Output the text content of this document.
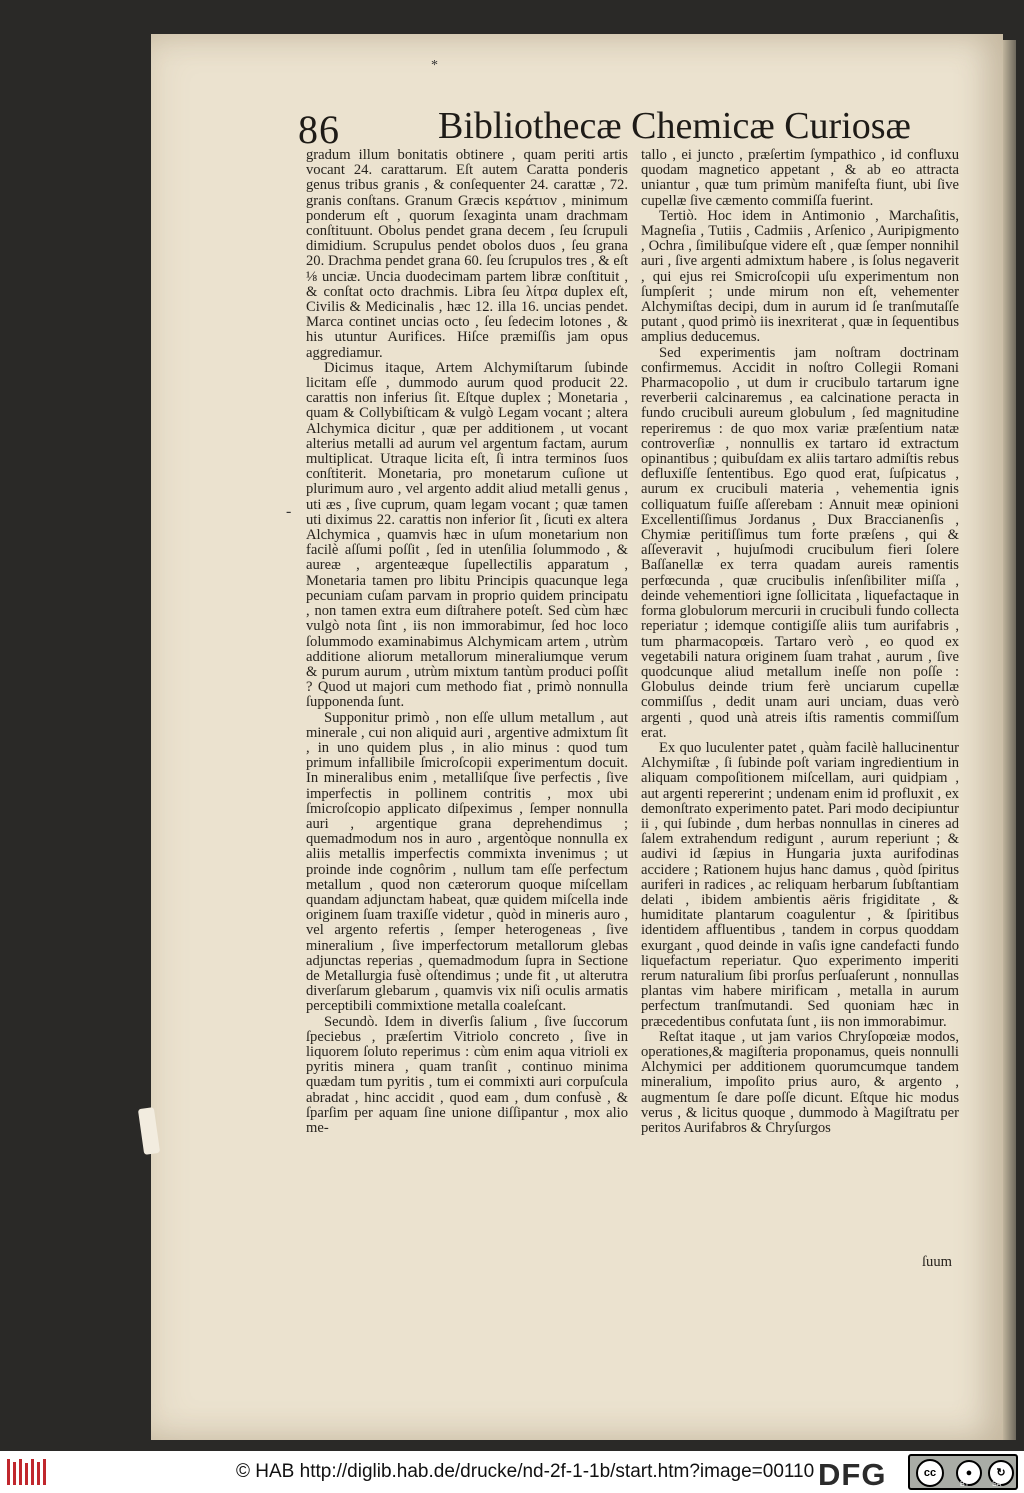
*
86	Bibliothecæ Chemicæ Curiosæ
-

gradum illum bonitatis obtinere , quam periti artis vocant 24. carattarum. Eſt autem Caratta ponderis genus tribus granis , & conſequenter 24. carattæ , 72. granis conſtans. Granum Græcis κεράτιον , minimum ponderum eſt , quorum ſexaginta unam drachmam conſtituunt. Obolus pendet grana decem , ſeu ſcrupuli dimidium. Scrupulus pendet obolos duos , ſeu grana 20. Drachma pendet grana 60. ſeu ſcrupulos tres , & eſt ⅛ unciæ. Uncia duodecimam partem libræ conſtituit , & conſtat octo drachmis. Libra ſeu λίτρα duplex eſt, Civilis & Medicinalis , hæc 12. illa 16. uncias pendet. Marca continet uncias octo , ſeu ſedecim lotones , & his utuntur Aurifices. Hiſce præmiſſis jam opus aggrediamur.

Dicimus itaque, Artem Alchymiſtarum ſubinde licitam eſſe , dummodo aurum quod producit 22. carattis non inferius ſit. Eſtque duplex ; Monetaria , quam & Collybiſticam & vulgò Legam vocant ; altera Alchymica dicitur , quæ per additionem , ut vocant alterius metalli ad aurum vel argentum factam, aurum multiplicat. Utraque licita eſt, ſi intra terminos ſuos conſtiterit. Monetaria, pro monetarum cuſione ut plurimum auro , vel argento addit aliud metalli genus , uti æs , ſive cuprum, quam legam vocant ; quæ tamen uti diximus 22. carattis non inferior ſit , ſicuti ex altera Alchymica , quamvis hæc in uſum monetarium non facilè aſſumi poſſit , ſed in utenſilia ſolummodo , & aureæ , argenteæque ſupellectilis apparatum , Monetaria tamen pro libitu Principis quacunque lega pecuniam cuſam parvam in proprio quidem principatu , non tamen extra eum diſtrahere poteſt. Sed cùm hæc vulgò nota ſint , iis non immorabimur, ſed hoc loco ſolummodo examinabimus Alchymicam artem , utrùm additione aliorum metallorum mineraliumque verum & purum aurum , utrùm mixtum tantùm produci poſſit ? Quod ut majori cum methodo fiat , primò nonnulla ſupponenda ſunt.

Supponitur primò , non eſſe ullum metallum , aut minerale , cui non aliquid auri , argentive admixtum ſit , in uno quidem plus , in alio minus : quod tum primum infallibile ſmicroſcopii experimentum docuit. In mineralibus enim , metalliſque ſive perfectis , ſive imperfectis in pollinem contritis , mox ubi ſmicroſcopio applicato diſpeximus , ſemper nonnulla auri , argentique grana deprehendimus ; quemadmodum nos in auro , argentòque nonnulla ex aliis metallis imperfectis commixta invenimus ; ut proinde inde cognôrim , nullum tam eſſe perfectum metallum , quod non cæterorum quoque miſcellam quandam adjunctam habeat, quæ quidem miſcella inde originem ſuam traxiſſe videtur , quòd in mineris auro , vel argento refertis , ſemper heterogeneas , ſive mineralium , ſive imperfectorum metallorum glebas adjunctas reperias , quemadmodum ſupra in Sectione de Metallurgia fusè oſtendimus ; unde fit , ut alterutra diverſarum glebarum , quamvis vix niſi oculis armatis perceptibili commixtione metalla coaleſcant.

Secundò. Idem in diverſis ſalium , ſive ſuccorum ſpeciebus , præſertim Vitriolo concreto , ſive in liquorem ſoluto reperimus : cùm enim aqua vitrioli ex pyritis minera , quam tranſit , continuo minima quædam tum pyritis , tum ei commixti auri corpuſcula abradat , hinc accidit , quod eam , dum confusè , & ſparſim per aquam ſine unione diſſipantur , mox alio me-

tallo , ei juncto , præſertim ſympathico , id confluxu quodam magnetico appetant , & ab eo attracta uniantur , quæ tum primùm manifeſta fiunt, ubi ſive cupellæ ſive cæmento commiſſa fuerint.

Tertiò. Hoc idem in Antimonio , Marchaſitis, Magneſia , Tutiis , Cadmiis , Arſenico , Auripigmento , Ochra , ſimilibuſque videre eſt , quæ ſemper nonnihil auri , ſive argenti admixtum habere , is ſolus negaverit , qui ejus rei Smicroſcopii uſu experimentum non ſumpſerit ; unde mirum non eſt, vehementer Alchymiſtas decipi, dum in aurum id ſe tranſmutaſſe putant , quod primò iis inexriterat , quæ in ſequentibus amplius deducemus.

Sed experimentis jam noſtram doctrinam confirmemus. Accidit in noſtro Collegii Romani Pharmacopolio , ut dum ir crucibulo tartarum igne reverberii calcinaremus , ea calcinatione peracta in fundo crucibuli aureum globulum , ſed magnitudine reperiremus : de quo mox variæ præſentium natæ controverſiæ , nonnullis ex tartaro id extractum opinantibus ; quibuſdam ex aliis tartaro admiſtis rebus defluxiſſe ſententibus. Ego quod erat, ſuſpicatus , aurum ex crucibuli materia , vehementia ignis colliquatum fuiſſe aſſerebam : Annuit meæ opinioni Excellentiſſimus Jordanus , Dux Braccianenſis , Chymiæ peritiſſimus tum forte præſens , qui & aſſeveravit , hujuſmodi crucibulum fieri ſolere Baſſanellæ ex terra quadam aureis ramentis perfœcunda , quæ crucibulis inſenſibiliter miſſa , deinde vehementiori igne ſollicitata , liquefactaque in forma globulorum mercurii in crucibuli fundo collecta reperiatur ; idemque contigiſſe aliis tum aurifabris , tum pharmacopœis. Tartaro verò , eo quod ex vegetabili natura originem ſuam trahat , aurum , ſive quodcunque aliud metallum ineſſe non poſſe : Globulus deinde trium ferè unciarum cupellæ commiſſus , dedit unam auri unciam, duas verò argenti , quod unà atreis iſtis ramentis commiſſum erat.

Ex quo luculenter patet , quàm facilè hallucinentur Alchymiſtæ , ſi ſubinde poſt variam ingredientium in aliquam compoſitionem miſcellam, auri quidpiam , aut argenti repererint ; undenam enim id profluxit , ex demonſtrato experimento patet. Pari modo decipiuntur ii , qui ſubinde , dum herbas nonnullas in cineres ad ſalem extrahendum redigunt , aurum reperiunt ; & audivi id ſæpius in Hungaria juxta aurifodinas accidere ; Rationem hujus hanc damus , quòd ſpiritus auriferi in radices , ac reliquam herbarum ſubſtantiam delati , ibidem ambientis aëris frigiditate , & humiditate plantarum coagulentur , & ſpiritibus identidem affluentibus , tandem in corpus quoddam exurgant , quod deinde in vaſis igne candefacti fundo liquefactum reperiatur. Quo experimento imperiti rerum naturalium ſibi prorſus perſuaſerunt , nonnullas plantas vim habere mirificam , metalla in aurum perfectum tranſmutandi. Sed quoniam hæc in præcedentibus confutata ſunt , iis non immorabimur.

Reſtat itaque , ut jam varios Chryſopœiæ modos, operationes,& magiſteria proponamus, queis nonnulli Alchymici per additionem quorumcumque tandem mineralium, impoſito prius auro, & argento , augmentum ſe dare poſſe dicunt. Eſtque hic modus verus , & licitus quoque , dummodo à Magiſtratu per peritos Aurifabros & Chryſurgos

ſuum
© HAB http://diglib.hab.de/drucke/nd-2f-1-1b/start.htm?image=00110 DFG	cc	●	↻
BY	SA
